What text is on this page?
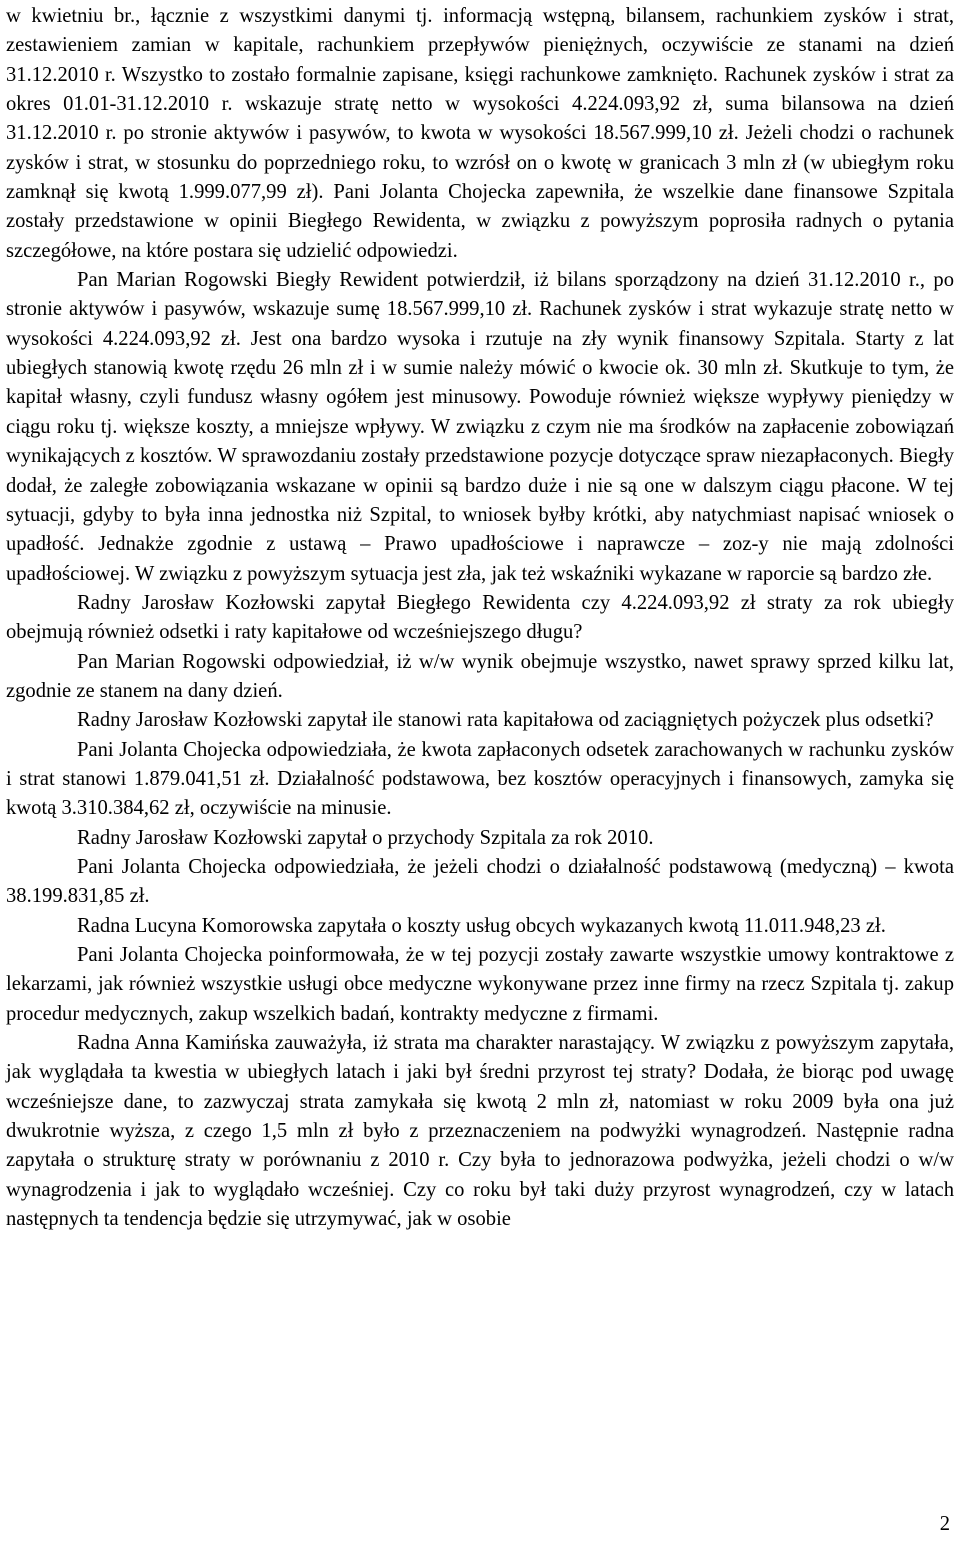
w kwietniu br., łącznie z wszystkimi danymi tj. informacją wstępną, bilansem, rachunkiem zysków i strat, zestawieniem zamian w kapitale, rachunkiem przepływów pieniężnych, oczywiście ze stanami na dzień 31.12.2010 r. Wszystko to zostało formalnie zapisane, księgi rachunkowe zamknięto. Rachunek zysków i strat za okres 01.01-31.12.2010 r. wskazuje stratę netto w wysokości 4.224.093,92 zł, suma bilansowa na dzień 31.12.2010 r. po stronie aktywów i pasywów, to kwota w wysokości 18.567.999,10 zł. Jeżeli chodzi o rachunek zysków i strat, w stosunku do poprzedniego roku, to wzrósł on o kwotę w granicach 3 mln zł (w ubiegłym roku zamknął się kwotą 1.999.077,99 zł). Pani Jolanta Chojecka zapewniła, że wszelkie dane finansowe Szpitala zostały przedstawione w opinii Biegłego Rewidenta, w związku z powyższym poprosiła radnych o pytania szczegółowe, na które postara się udzielić odpowiedzi.

Pan Marian Rogowski Biegły Rewident potwierdził, iż bilans sporządzony na dzień 31.12.2010 r., po stronie aktywów i pasywów, wskazuje sumę 18.567.999,10 zł. Rachunek zysków i strat wykazuje stratę netto w wysokości 4.224.093,92 zł. Jest ona bardzo wysoka i rzutuje na zły wynik finansowy Szpitala. Starty z lat ubiegłych stanowią kwotę rzędu 26 mln zł i w sumie należy mówić o kwocie ok. 30 mln zł. Skutkuje to tym, że kapitał własny, czyli fundusz własny ogółem jest minusowy. Powoduje również większe wypływy pieniędzy w ciągu roku tj. większe koszty, a mniejsze wpływy. W związku z czym nie ma środków na zapłacenie zobowiązań wynikających z kosztów. W sprawozdaniu zostały przedstawione pozycje dotyczące spraw niezapłaconych. Biegły dodał, że zaległe zobowiązania wskazane w opinii są bardzo duże i nie są one w dalszym ciągu płacone. W tej sytuacji, gdyby to była inna jednostka niż Szpital, to wniosek byłby krótki, aby natychmiast napisać wniosek o upadłość. Jednakże zgodnie z ustawą – Prawo upadłościowe i naprawcze – zoz-y nie mają zdolności upadłościowej. W związku z powyższym sytuacja jest zła, jak też wskaźniki wykazane w raporcie są bardzo złe.

Radny Jarosław Kozłowski zapytał Biegłego Rewidenta czy 4.224.093,92 zł straty za rok ubiegły obejmują również odsetki i raty kapitałowe od wcześniejszego długu?

Pan Marian Rogowski odpowiedział, iż w/w wynik obejmuje wszystko, nawet sprawy sprzed kilku lat, zgodnie ze stanem na dany dzień.

Radny Jarosław Kozłowski zapytał ile stanowi rata kapitałowa od zaciągniętych pożyczek plus odsetki?

Pani Jolanta Chojecka odpowiedziała, że kwota zapłaconych odsetek zarachowanych w rachunku zysków i strat stanowi 1.879.041,51 zł. Działalność podstawowa, bez kosztów operacyjnych i finansowych, zamyka się kwotą 3.310.384,62 zł, oczywiście na minusie.

Radny Jarosław Kozłowski zapytał o przychody Szpitala za rok 2010.

Pani Jolanta Chojecka odpowiedziała, że jeżeli chodzi o działalność podstawową (medyczną) – kwota 38.199.831,85 zł.

Radna Lucyna Komorowska zapytała o koszty usług obcych wykazanych kwotą 11.011.948,23 zł.

Pani Jolanta Chojecka poinformowała, że w tej pozycji zostały zawarte wszystkie umowy kontraktowe z lekarzami, jak również wszystkie usługi obce medyczne wykonywane przez inne firmy na rzecz Szpitala tj. zakup procedur medycznych, zakup wszelkich badań, kontrakty medyczne z firmami.

Radna Anna Kamińska zauważyła, iż strata ma charakter narastający. W związku z powyższym zapytała, jak wyglądała ta kwestia w ubiegłych latach i jaki był średni przyrost tej straty? Dodała, że biorąc pod uwagę wcześniejsze dane, to zazwyczaj strata zamykała się kwotą 2 mln zł, natomiast w roku 2009 była ona już dwukrotnie wyższa, z czego 1,5 mln zł było z przeznaczeniem na podwyżki wynagrodzeń. Następnie radna zapytała o strukturę straty w porównaniu z 2010 r. Czy była to jednorazowa podwyżka, jeżeli chodzi o w/w wynagrodzenia i jak to wyglądało wcześniej. Czy co roku był taki duży przyrost wynagrodzeń, czy w latach następnych ta tendencja będzie się utrzymywać, jak w osobie

2
